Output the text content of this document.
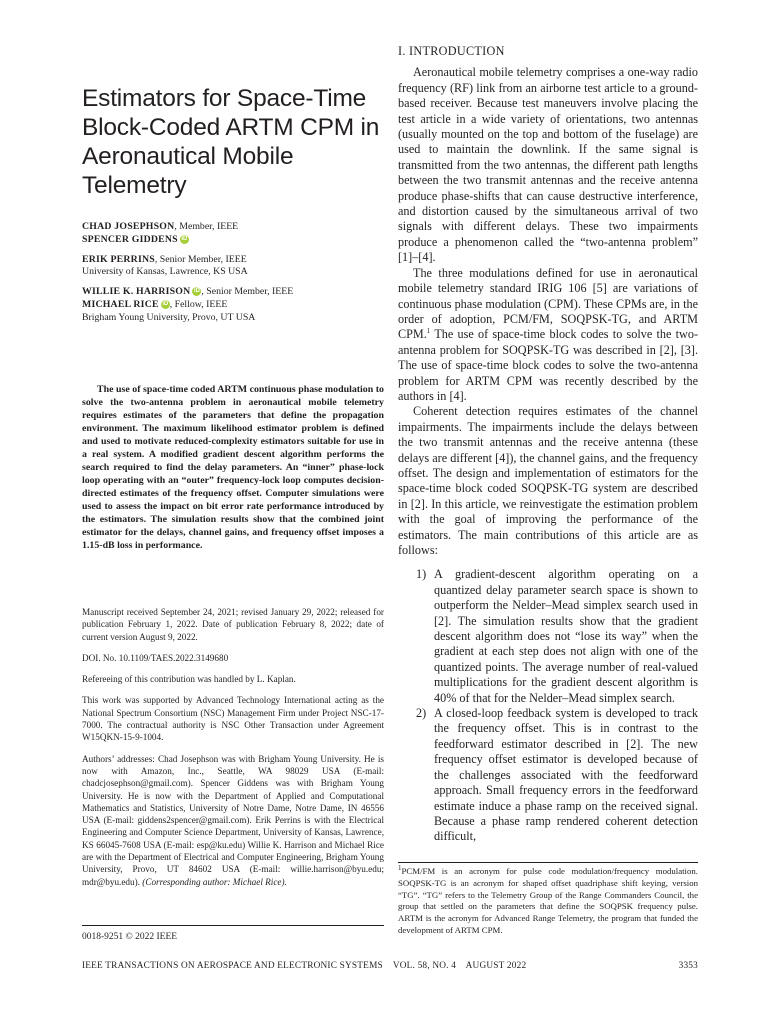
Estimators for Space-Time Block-Coded ARTM CPM in Aeronautical Mobile Telemetry
CHAD JOSEPHSON, Member, IEEE
SPENCER GIDDENS iD
ERIK PERRINS, Senior Member, IEEE
University of Kansas, Lawrence, KS USA
WILLIE K. HARRISON iD , Senior Member, IEEE
MICHAEL RICE iD , Fellow, IEEE
Brigham Young University, Provo, UT USA
The use of space-time coded ARTM continuous phase modulation to solve the two-antenna problem in aeronautical mobile telemetry requires estimates of the parameters that define the propagation environment. The maximum likelihood estimator problem is defined and used to motivate reduced-complexity estimators suitable for use in a real system. A modified gradient descent algorithm performs the search required to find the delay parameters. An “inner” phase-lock loop operating with an “outer” frequency-lock loop computes decision-directed estimates of the frequency offset. Computer simulations were used to assess the impact on bit error rate performance introduced by the estimators. The simulation results show that the combined joint estimator for the delays, channel gains, and frequency offset imposes a 1.15-dB loss in performance.

Manuscript received September 24, 2021; revised January 29, 2022; released for publication February 1, 2022. Date of publication February 8, 2022; date of current version August 9, 2022.

DOI. No. 10.1109/TAES.2022.3149680

Refereeing of this contribution was handled by L. Kaplan.

This work was supported by Advanced Technology International acting as the National Spectrum Consortium (NSC) Management Firm under Project NSC-17-7000. The contractual authority is NSC Other Transaction under Agreement W15QKN-15-9-1004.

Authors’ addresses: Chad Josephson was with Brigham Young University. He is now with Amazon, Inc., Seattle, WA 98029 USA (E-mail: chadcjosephson@gmail.com). Spencer Giddens was with Brigham Young University. He is now with the Department of Applied and Computational Mathematics and Statistics, University of Notre Dame, Notre Dame, IN 46556 USA (E-mail: giddens2spencer@gmail.com). Erik Perrins is with the Electrical Engineering and Computer Science Department, University of Kansas, Lawrence, KS 66045-7608 USA (E-mail: esp@ku.edu) Willie K. Harrison and Michael Rice are with the Department of Electrical and Computer Engineering, Brigham Young University, Provo, UT 84602 USA (E-mail: willie.harrison@byu.edu; mdr@byu.edu). (Corresponding author: Michael Rice).

0018-9251 © 2022 IEEE
I. INTRODUCTION

Aeronautical mobile telemetry comprises a one-way radio frequency (RF) link from an airborne test article to a ground-based receiver. Because test maneuvers involve placing the test article in a wide variety of orientations, two antennas (usually mounted on the top and bottom of the fuselage) are used to maintain the downlink. If the same signal is transmitted from the two antennas, the different path lengths between the two transmit antennas and the receive antenna produce phase-shifts that can cause destructive interference, and distortion caused by the simultaneous arrival of two signals with different delays. These two impairments produce a phenomenon called the “two-antenna problem” [1]–[4].

The three modulations defined for use in aeronautical mobile telemetry standard IRIG 106 [5] are variations of continuous phase modulation (CPM). These CPMs are, in the order of adoption, PCM/FM, SOQPSK-TG, and ARTM CPM.$^1$ The use of space-time block codes to solve the two-antenna problem for SOQPSK-TG was described in [2], [3]. The use of space-time block codes to solve the two-antenna problem for ARTM CPM was recently described by the authors in [4].

Coherent detection requires estimates of the channel impairments. The impairments include the delays between the two transmit antennas and the receive antenna (these delays are different [4]), the channel gains, and the frequency offset. The design and implementation of estimators for the space-time block coded SOQPSK-TG system are described in [2]. In this article, we reinvestigate the estimation problem with the goal of improving the performance of the estimators. The main contributions of this article are as follows:

1) A gradient-descent algorithm operating on a quantized delay parameter search space is shown to outperform the Nelder–Mead simplex search used in [2]. The simulation results show that the gradient descent algorithm does not “lose its way” when the gradient at each step does not align with one of the quantized points. The average number of real-valued multiplications for the gradient descent algorithm is 40% of that for the Nelder–Mead simplex search.
2) A closed-loop feedback system is developed to track the frequency offset. This is in contrast to the feedforward estimator described in [2]. The new frequency offset estimator is developed because of the challenges associated with the feedforward approach. Small frequency errors in the feedforward estimate induce a phase ramp on the received signal. Because a phase ramp rendered coherent detection difficult,
$^1$PCM/FM is an acronym for pulse code modulation/frequency modulation. SOQPSK-TG is an acronym for shaped offset quadriphase shift keying, version “TG”. “TG” refers to the Telemetry Group of the Range Commanders Council, the group that settled on the parameters that define the SOQPSK frequency pulse. ARTM is the acronym for Advanced Range Telemetry, the program that funded the development of ARTM CPM.
IEEE TRANSACTIONS ON AEROSPACE AND ELECTRONIC SYSTEMS    VOL. 58, NO. 4    AUGUST 2022	3353
